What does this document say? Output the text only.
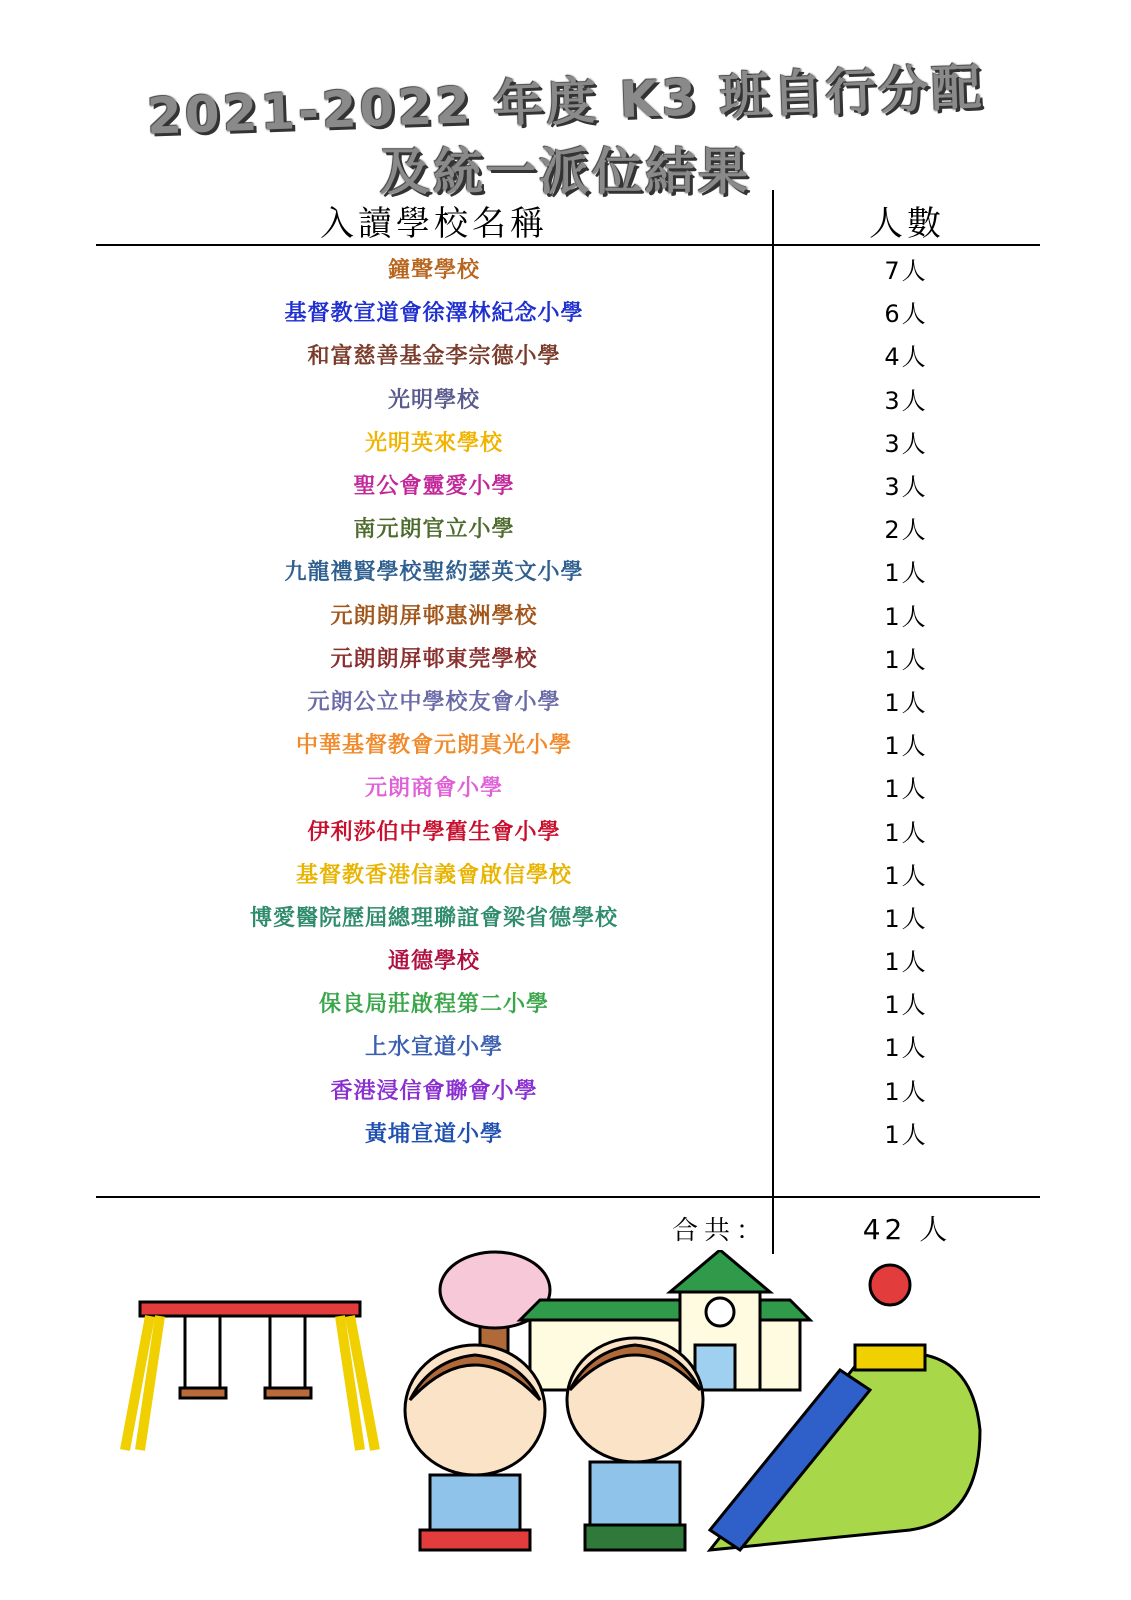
2021-2022 年度 K3 班自行分配
及統一派位結果
入讀學校名稱	人數
鐘聲學校	7人
基督教宣道會徐澤林紀念小學	6人
和富慈善基金李宗德小學	4人
光明學校	3人
光明英來學校	3人
聖公會靈愛小學	3人
南元朗官立小學	2人
九龍禮賢學校聖約瑟英文小學	1人
元朗朗屏邨惠洲學校	1人
元朗朗屏邨東莞學校	1人
元朗公立中學校友會小學	1人
中華基督教會元朗真光小學	1人
元朗商會小學	1人
伊利莎伯中學舊生會小學	1人
基督教香港信義會啟信學校	1人
博愛醫院歷屆總理聯誼會梁省德學校	1人
通德學校	1人
保良局莊啟程第二小學	1人
上水宣道小學	1人
香港浸信會聯會小學	1人
黃埔宣道小學	1人
合共：	42 人
